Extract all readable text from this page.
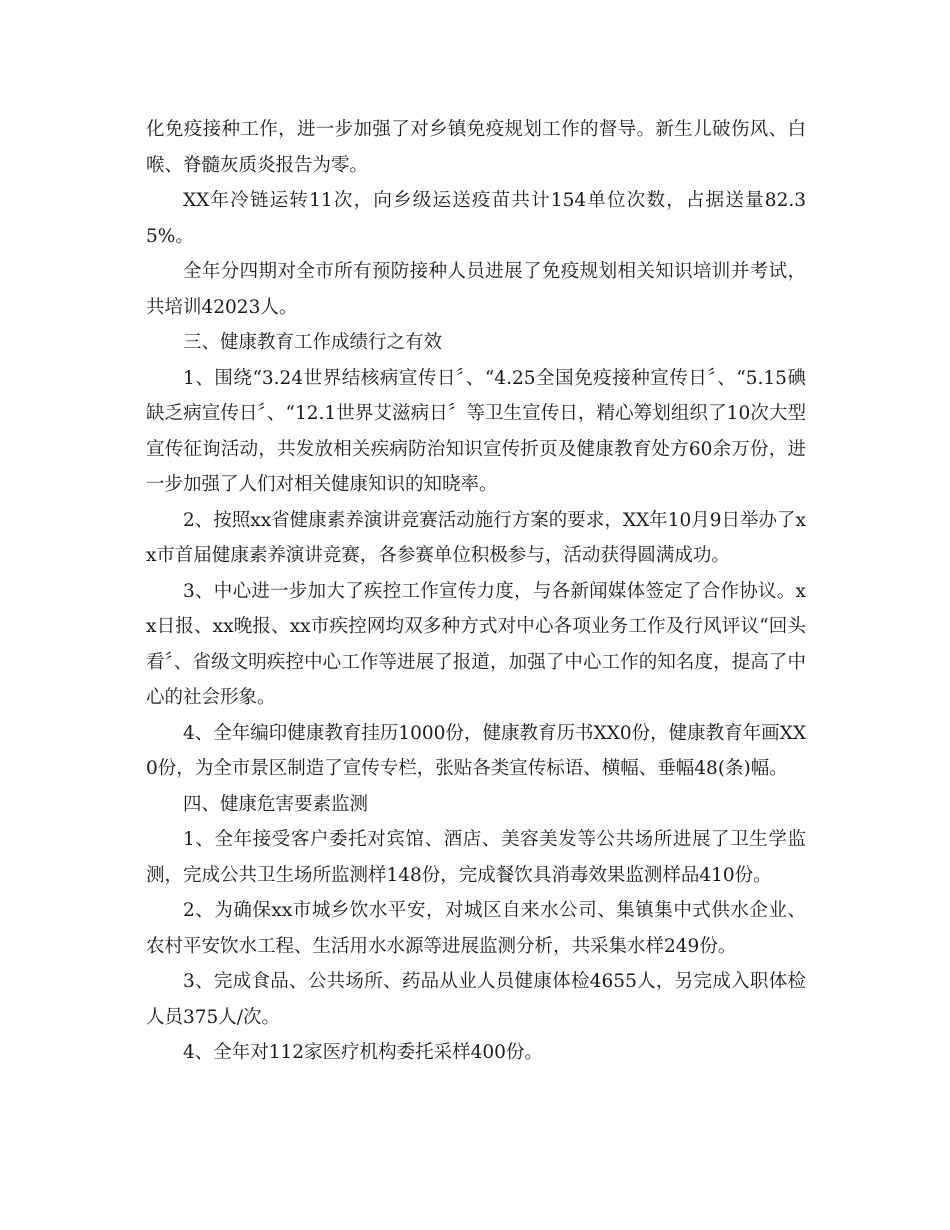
化免疫接种工作，进一步加强了对乡镇免疫规划工作的督导。新生儿破伤风、白喉、脊髓灰质炎报告为零。

XX年冷链运转11次，向乡级运送疫苗共计154单位次数，占据送量82.35%。

全年分四期对全市所有预防接种人员进展了免疫规划相关知识培训并考试，共培训42023人。

三、健康教育工作成绩行之有效

1、围绕“3.24世界结核病宣传日〞、“4.25全国免疫接种宣传日〞、“5.15碘缺乏病宣传日〞、“12.1世界艾滋病日〞等卫生宣传日，精心筹划组织了10次大型宣传征询活动，共发放相关疾病防治知识宣传折页及健康教育处方60余万份，进一步加强了人们对相关健康知识的知晓率。

2、按照xx省健康素养演讲竞赛活动施行方案的要求，XX年10月9日举办了xx市首届健康素养演讲竞赛，各参赛单位积极参与，活动获得圆满成功。

3、中心进一步加大了疾控工作宣传力度，与各新闻媒体签定了合作协议。xx日报、xx晚报、xx市疾控网均双多种方式对中心各项业务工作及行风评议“回头看〞、省级文明疾控中心工作等进展了报道，加强了中心工作的知名度，提高了中心的社会形象。

4、全年编印健康教育挂历1000份，健康教育历书XX0份，健康教育年画XX0份，为全市景区制造了宣传专栏，张贴各类宣传标语、横幅、垂幅48(条)幅。

四、健康危害要素监测

1、全年接受客户委托对宾馆、酒店、美容美发等公共场所进展了卫生学监测，完成公共卫生场所监测样148份，完成餐饮具消毒效果监测样品410份。

2、为确保xx市城乡饮水平安，对城区自来水公司、集镇集中式供水企业、农村平安饮水工程、生活用水水源等进展监测分析，共采集水样249份。

3、完成食品、公共场所、药品从业人员健康体检4655人，另完成入职体检人员375人/次。

4、全年对112家医疗机构委托采样400份。
